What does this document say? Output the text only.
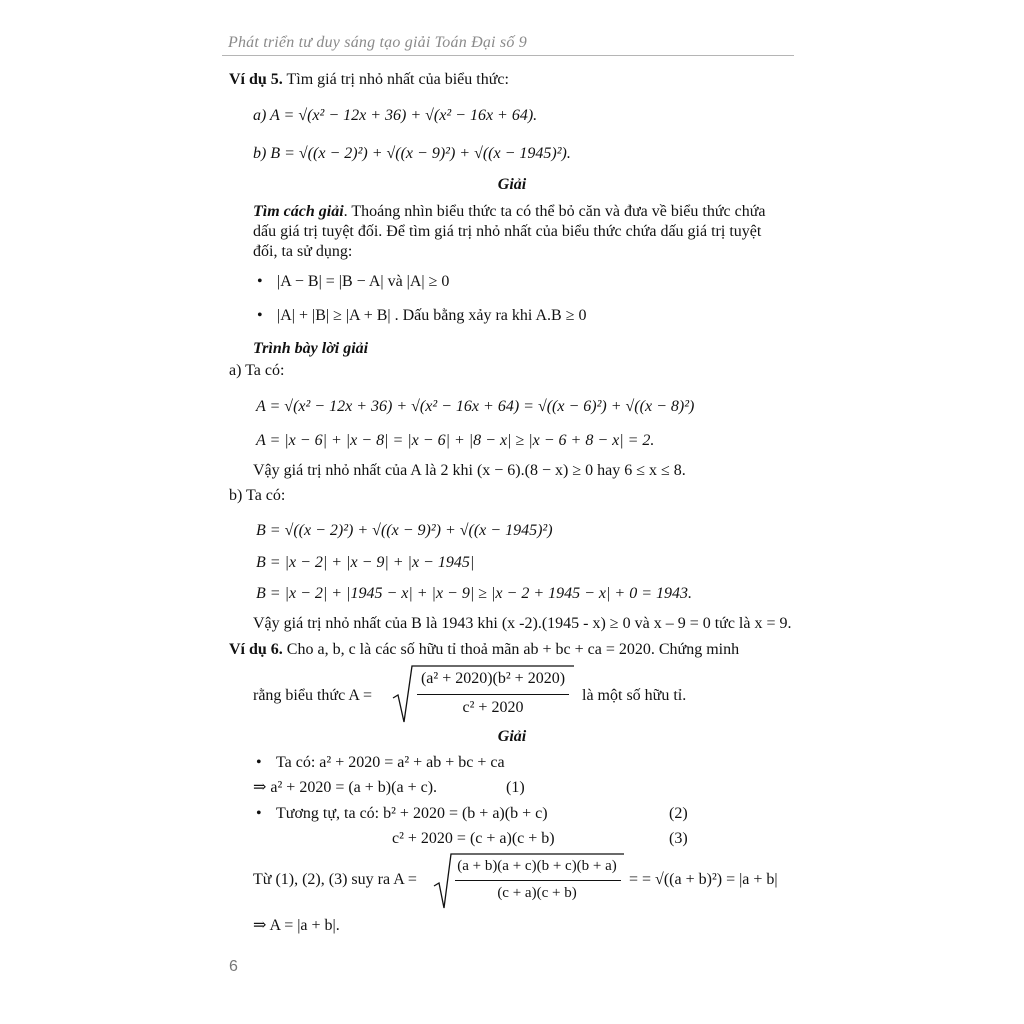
Phát triển tư duy sáng tạo giải Toán Đại số 9
Ví dụ 5. Tìm giá trị nhỏ nhất của biểu thức:
a) A = √(x² − 12x + 36) + √(x² − 16x + 64).
b) B = √((x − 2)²) + √((x − 9)²) + √((x − 1945)²).
Giải
Tìm cách giải. Thoáng nhìn biểu thức ta có thể bỏ căn và đưa về biểu thức chứa
dấu giá trị tuyệt đối. Để tìm giá trị nhỏ nhất của biểu thức chứa dấu giá trị tuyệt
đối, ta sử dụng:
• |A − B| = |B − A| và |A| ≥ 0
• |A| + |B| ≥ |A + B| . Dấu bằng xảy ra khi A.B ≥ 0
Trình bày lời giải
a) Ta có:
A = √(x² − 12x + 36) + √(x² − 16x + 64) = √((x − 6)²) + √((x − 8)²)
A = |x − 6| + |x − 8| = |x − 6| + |8 − x| ≥ |x − 6 + 8 − x| = 2.
Vậy giá trị nhỏ nhất của A là 2 khi (x − 6).(8 − x) ≥ 0 hay 6 ≤ x ≤ 8.
b) Ta có:
B = √((x − 2)²) + √((x − 9)²) + √((x − 1945)²)
B = |x − 2| + |x − 9| + |x − 1945|
B = |x − 2| + |1945 − x| + |x − 9| ≥ |x − 2 + 1945 − x| + 0 = 1943.
Vậy giá trị nhỏ nhất của B là 1943 khi (x -2).(1945 - x) ≥ 0 và x – 9 = 0 tức là x = 9.
Ví dụ 6. Cho a, b, c là các số hữu tỉ thoả mãn ab + bc + ca = 2020. Chứng minh
rằng biểu thức A =
(a² + 2020)(b² + 2020)
c² + 2020
là một số hữu tỉ.
Giải
• Ta có: a² + 2020 = a² + ab + bc + ca
⇒ a² + 2020 = (a + b)(a + c).	(1)
• Tương tự, ta có: b² + 2020 = (b + a)(b + c)	(2)
c² + 2020 = (c + a)(c + b)	(3)
Từ (1), (2), (3) suy ra A =
(a + b)(a + c)(b + c)(b + a)
(c + a)(c + b)
= = √((a + b)²) = |a + b|
⇒ A = |a + b|.
6
